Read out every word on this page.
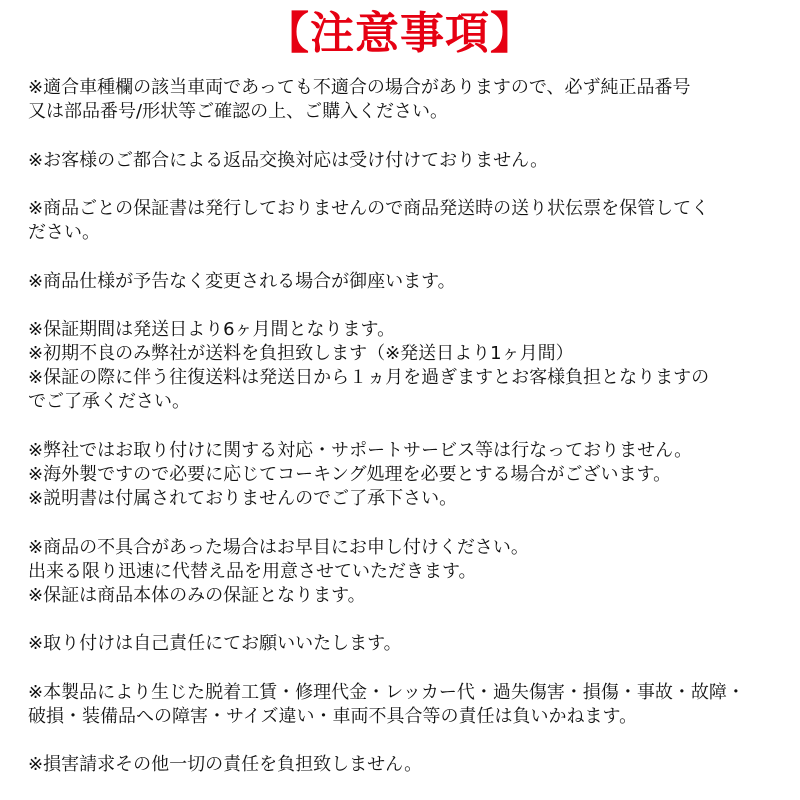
【注意事項】
※適合車種欄の該当車両であっても不適合の場合がありますので、必ず純正品番号
又は部品番号/形状等ご確認の上、ご購入ください。
※お客様のご都合による返品交換対応は受け付けておりません。
※商品ごとの保証書は発行しておりませんので商品発送時の送り状伝票を保管してく
ださい。
※商品仕様が予告なく変更される場合が御座います。
※保証期間は発送日より6ヶ月間となります。
※初期不良のみ弊社が送料を負担致します（※発送日より1ヶ月間）
※保証の際に伴う往復送料は発送日から１ヵ月を過ぎますとお客様負担となりますの
でご了承ください。
※弊社ではお取り付けに関する対応・サポートサービス等は行なっておりません。
※海外製ですので必要に応じてコーキング処理を必要とする場合がございます。
※説明書は付属されておりませんのでご了承下さい。
※商品の不具合があった場合はお早目にお申し付けください。
出来る限り迅速に代替え品を用意させていただきます。
※保証は商品本体のみの保証となります。
※取り付けは自己責任にてお願いいたします。
※本製品により生じた脱着工賃・修理代金・レッカー代・過失傷害・損傷・事故・故障・
破損・装備品への障害・サイズ違い・車両不具合等の責任は負いかねます。
※損害請求その他一切の責任を負担致しません。
